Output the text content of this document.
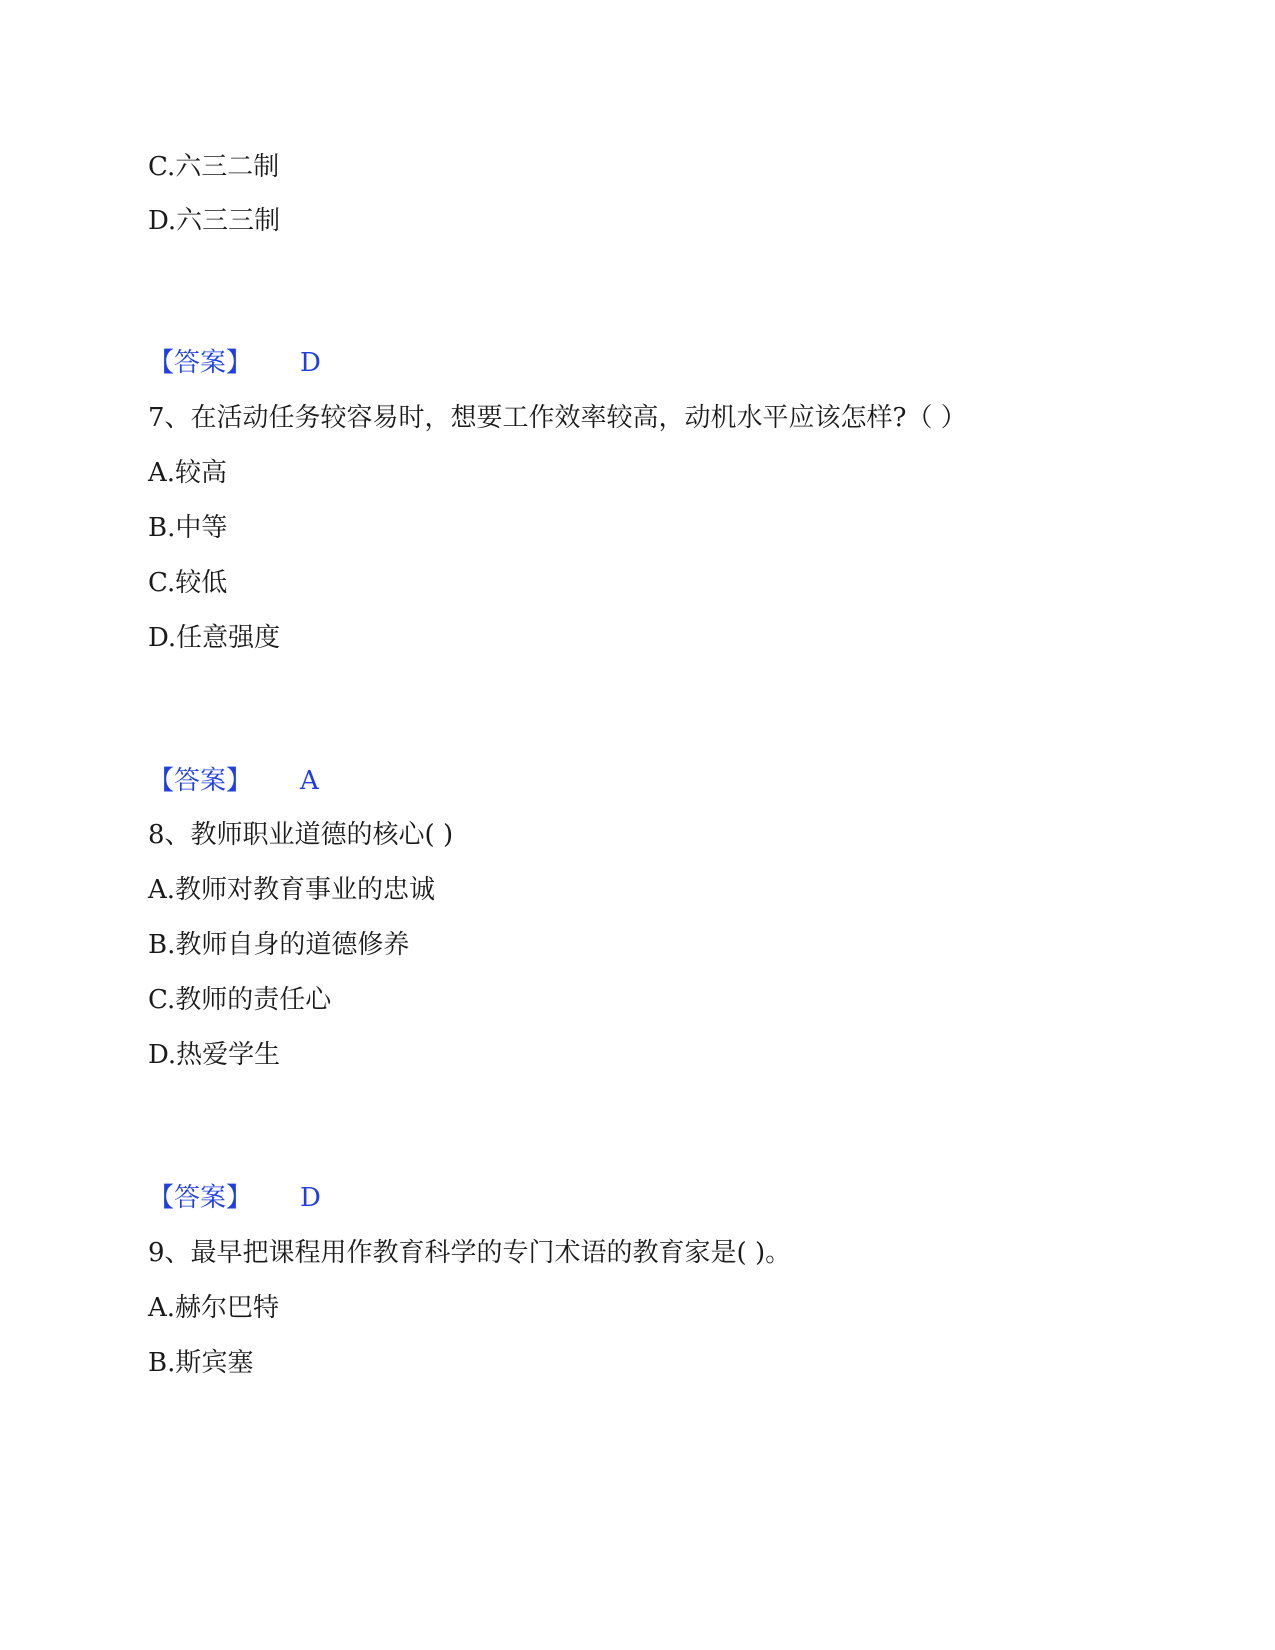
C.六三二制
D.六三三制
【答案】 D
7、在活动任务较容易时，想要工作效率较高，动机水平应该怎样?（ ）
A.较高
B.中等
C.较低
D.任意强度
【答案】 A
8、教师职业道德的核心( )
A.教师对教育事业的忠诚
B.教师自身的道德修养
C.教师的责任心
D.热爱学生
【答案】 D
9、最早把课程用作教育科学的专门术语的教育家是( )。
A.赫尔巴特
B.斯宾塞
